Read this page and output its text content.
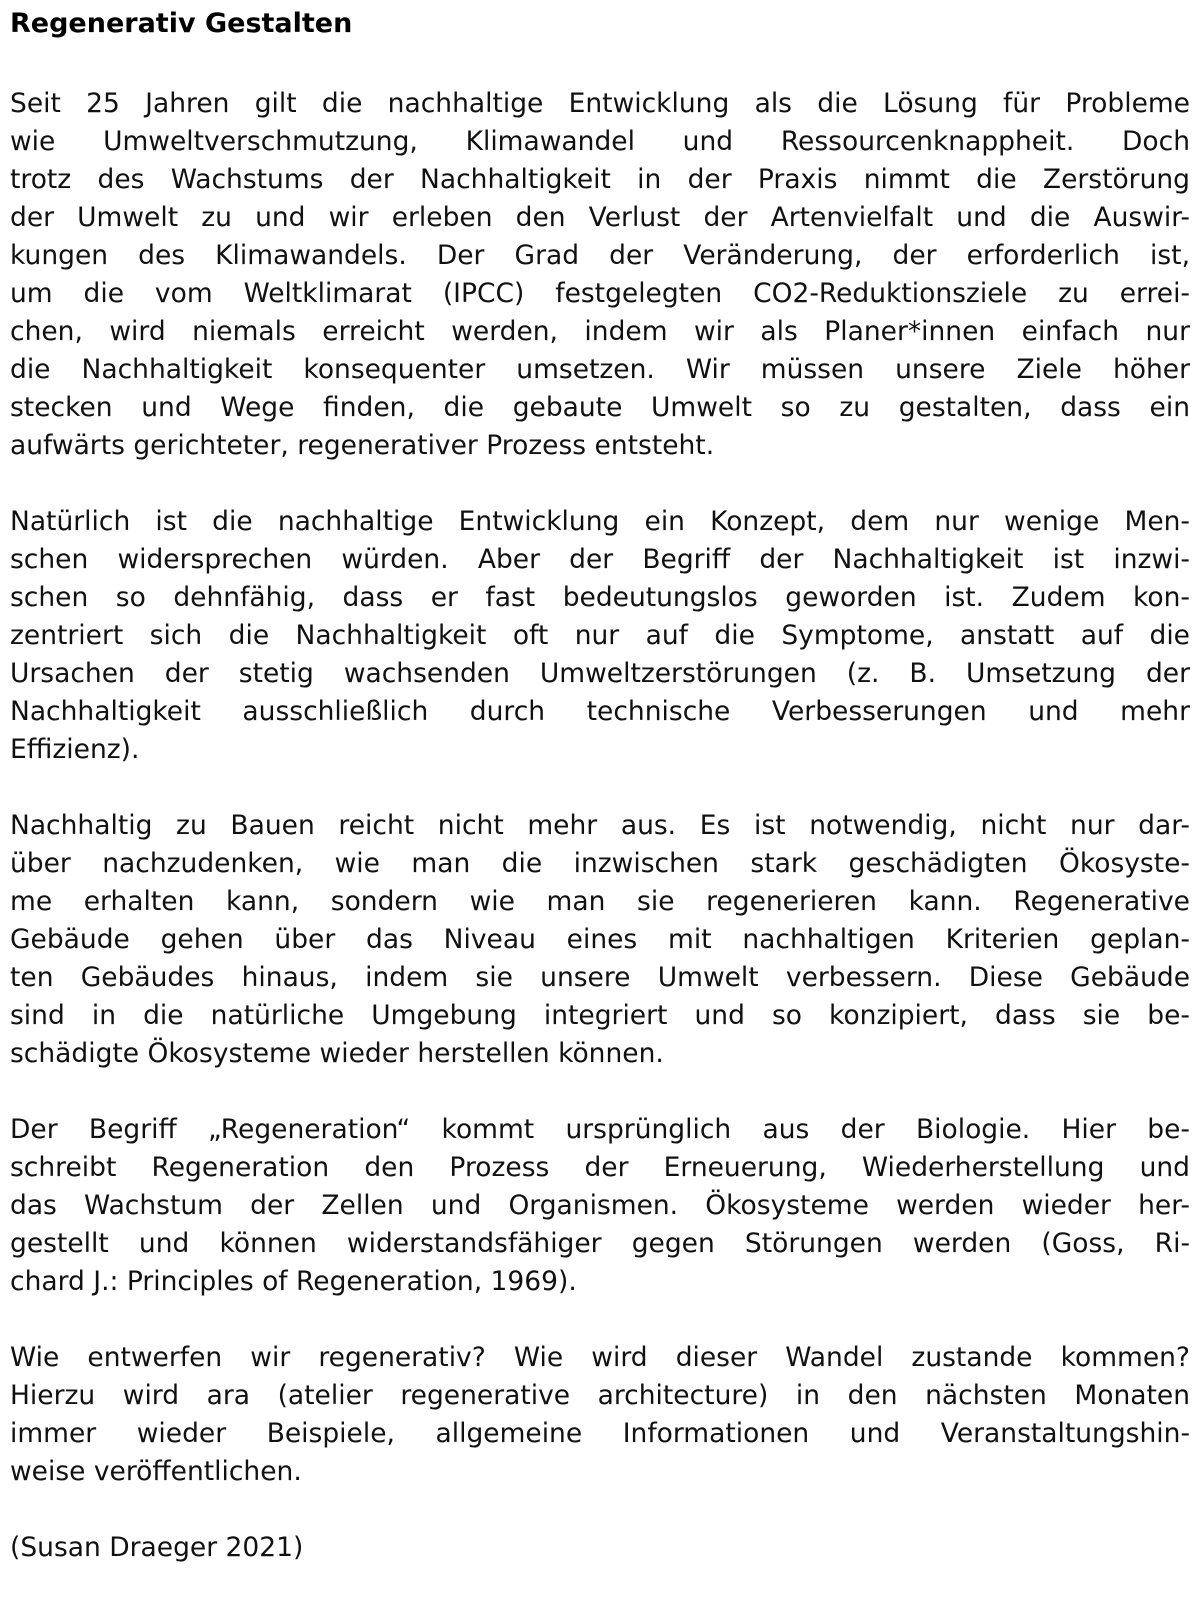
Regenerativ Gestalten

Seit 25 Jahren gilt die nachhaltige Entwicklung als die Lösung für Probleme
wie Umweltverschmutzung, Klimawandel und Ressourcenknappheit. Doch
trotz des Wachstums der Nachhaltigkeit in der Praxis nimmt die Zerstörung
der Umwelt zu und wir erleben den Verlust der Artenvielfalt und die Auswir-
kungen des Klimawandels. Der Grad der Veränderung, der erforderlich ist,
um die vom Weltklimarat (IPCC) festgelegten CO2-Reduktionsziele zu errei-
chen, wird niemals erreicht werden, indem wir als Planer*innen einfach nur
die Nachhaltigkeit konsequenter umsetzen. Wir müssen unsere Ziele höher
stecken und Wege finden, die gebaute Umwelt so zu gestalten, dass ein
aufwärts gerichteter, regenerativer Prozess entsteht.

Natürlich ist die nachhaltige Entwicklung ein Konzept, dem nur wenige Men-
schen widersprechen würden. Aber der Begriff der Nachhaltigkeit ist inzwi-
schen so dehnfähig, dass er fast bedeutungslos geworden ist. Zudem kon-
zentriert sich die Nachhaltigkeit oft nur auf die Symptome, anstatt auf die
Ursachen der stetig wachsenden Umweltzerstörungen (z. B. Umsetzung der
Nachhaltigkeit ausschließlich durch technische Verbesserungen und mehr
Effizienz).

Nachhaltig zu Bauen reicht nicht mehr aus. Es ist notwendig, nicht nur dar-
über nachzudenken, wie man die inzwischen stark geschädigten Ökosyste-
me erhalten kann, sondern wie man sie regenerieren kann. Regenerative
Gebäude gehen über das Niveau eines mit nachhaltigen Kriterien geplan-
ten Gebäudes hinaus, indem sie unsere Umwelt verbessern. Diese Gebäude
sind in die natürliche Umgebung integriert und so konzipiert, dass sie be-
schädigte Ökosysteme wieder herstellen können.

Der Begriff „Regeneration“ kommt ursprünglich aus der Biologie. Hier be-
schreibt Regeneration den Prozess der Erneuerung, Wiederherstellung und
das Wachstum der Zellen und Organismen. Ökosysteme werden wieder her-
gestellt und können widerstandsfähiger gegen Störungen werden (Goss, Ri-
chard J.: Principles of Regeneration, 1969).

Wie entwerfen wir regenerativ? Wie wird dieser Wandel zustande kommen?
Hierzu wird ara (atelier regenerative architecture) in den nächsten Monaten
immer wieder Beispiele, allgemeine Informationen und Veranstaltungshin-
weise veröffentlichen.

(Susan Draeger 2021)
